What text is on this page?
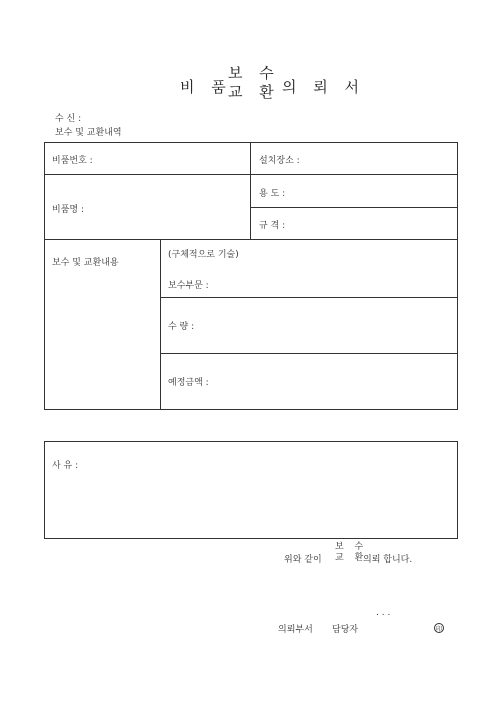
비 품
보 수
교 환 의 뢰 서
수 신 :
보수 및 교환내역
비품번호 :	설치장소 :
비품명 :
용 도 :
규 격 :
보수 및 교환내용
(구체적으로 기술)
보수부문 :
수 량 :
예정금액 :
사 유 :
위와 같이
보 수
교 환
의뢰 합니다.
. . .
의뢰부서 담당자	印
